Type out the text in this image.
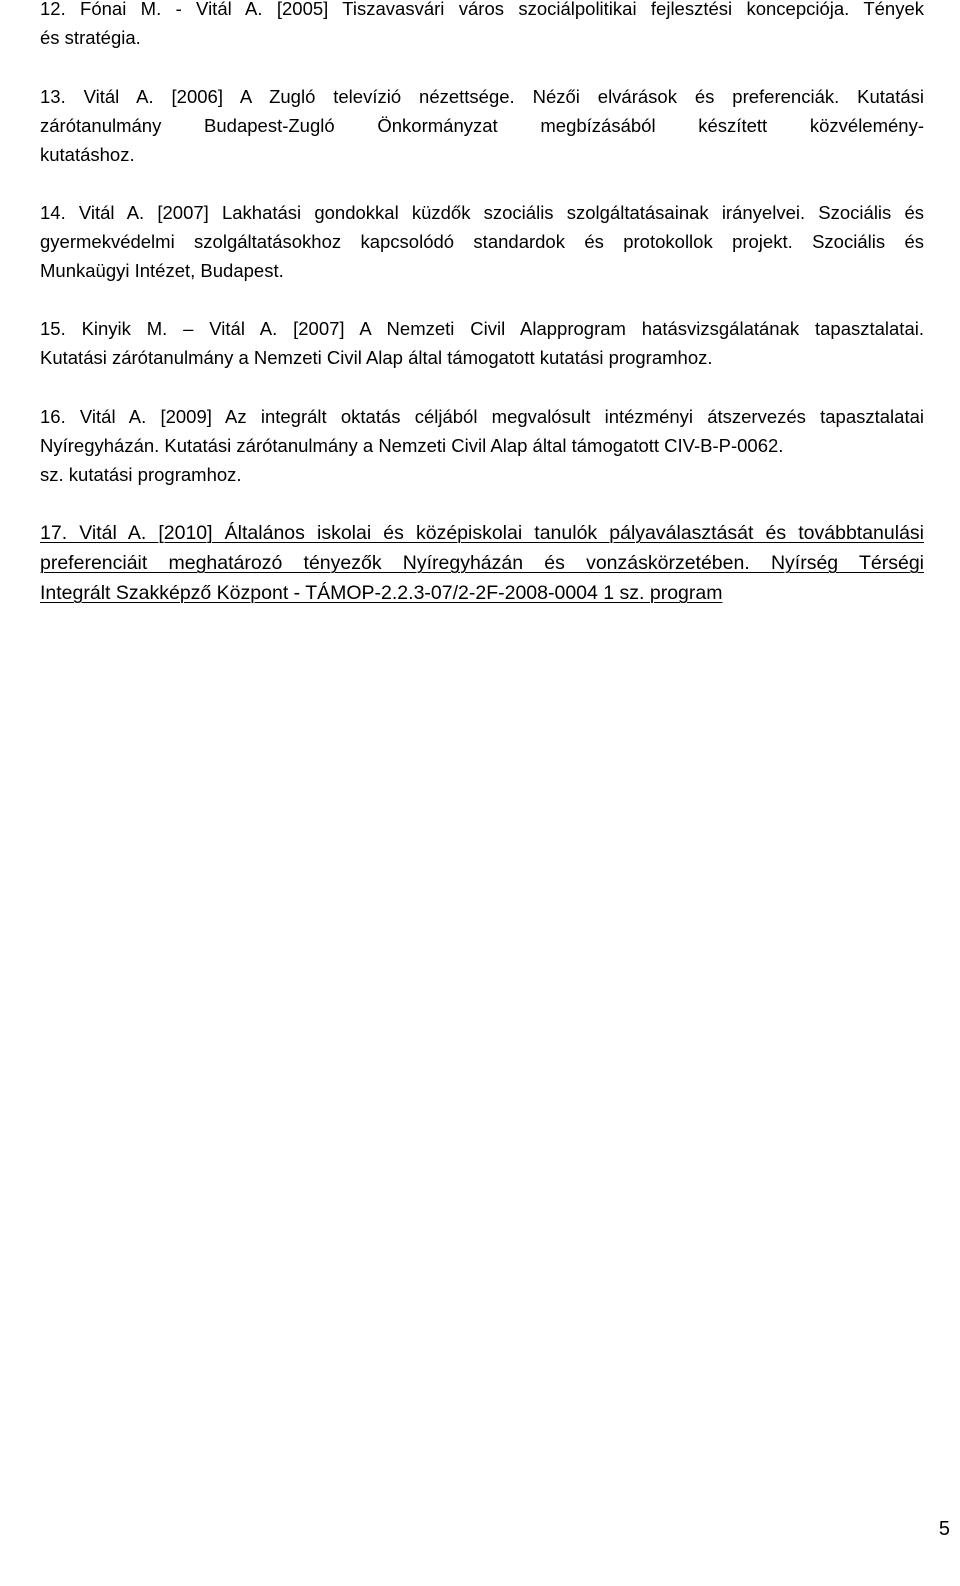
12. Fónai M. - Vitál A. [2005] Tiszavasvári város szociálpolitikai fejlesztési koncepciója. Tények
és stratégia.
13. Vitál A. [2006] A Zugló televízió nézettsége. Nézői elvárások és preferenciák. Kutatási
zárótanulmány Budapest-Zugló Önkormányzat megbízásából készített közvélemény-
kutatáshoz.
14. Vitál A. [2007] Lakhatási gondokkal küzdők szociális szolgáltatásainak irányelvei. Szociális és
gyermekvédelmi szolgáltatásokhoz kapcsolódó standardok és protokollok projekt. Szociális és
Munkaügyi Intézet, Budapest.
15. Kinyik M. – Vitál A. [2007] A Nemzeti Civil Alapprogram hatásvizsgálatának tapasztalatai.
Kutatási zárótanulmány a Nemzeti Civil Alap által támogatott kutatási programhoz.
16. Vitál A. [2009] Az integrált oktatás céljából megvalósult intézményi átszervezés tapasztalatai
Nyíregyházán. Kutatási zárótanulmány a Nemzeti Civil Alap által támogatott CIV-B-P-0062.
sz. kutatási programhoz.
17. Vitál A. [2010] Általános iskolai és középiskolai tanulók pályaválasztását és továbbtanulási
preferenciáit meghatározó tényezők Nyíregyházán és vonzáskörzetében. Nyírség Térségi
Integrált Szakképző Központ - TÁMOP-2.2.3-07/2-2F-2008-0004 1 sz. program
5
